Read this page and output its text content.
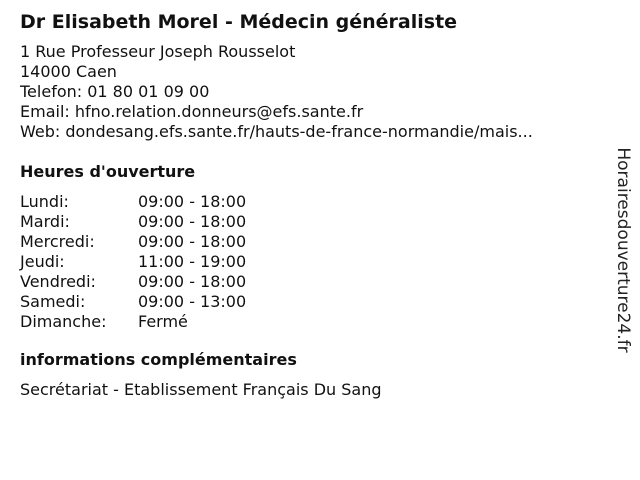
Dr Elisabeth Morel - Médecin généraliste
1 Rue Professeur Joseph Rousselot
14000 Caen
Telefon: 01 80 01 09 00
Email: hfno.relation.donneurs@efs.sante.fr
Web: dondesang.efs.sante.fr/hauts-de-france-normandie/mais...
Heures d'ouverture
Lundi:	09:00 - 18:00
Mardi:	09:00 - 18:00
Mercredi:	09:00 - 18:00
Jeudi:	11:00 - 19:00
Vendredi:	09:00 - 18:00
Samedi:	09:00 - 13:00
Dimanche:	Fermé
informations complémentaires
Secrétariat - Etablissement Français Du Sang
Horairesdouverture24.fr
